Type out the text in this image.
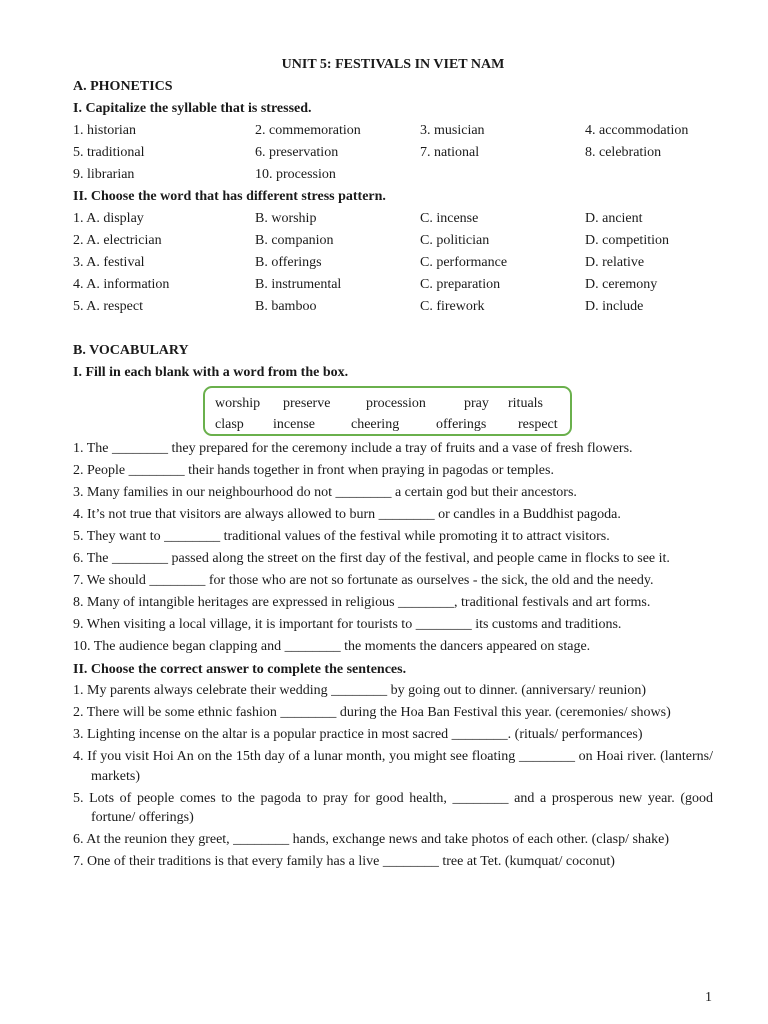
UNIT 5: FESTIVALS IN VIET NAM
A. PHONETICS
I. Capitalize the syllable that is stressed.
1. historian	2. commemoration	3. musician	4. accommodation
5. traditional	6. preservation	7. national	8. celebration
9. librarian	10. procession
II. Choose the word that has different stress pattern.
1. A. display	B. worship	C. incense	D. ancient
2. A. electrician	B. companion	C. politician	D. competition
3. A. festival	B. offerings	C. performance	D. relative
4. A. information	B. instrumental	C. preparation	D. ceremony
5. A. respect	B. bamboo	C. firework	D. include
B. VOCABULARY
I. Fill in each blank with a word from the box.
worship preserve	procession	pray rituals
clasp incense	cheering	offerings respect
1. The ________ they prepared for the ceremony include a tray of fruits and a vase of fresh flowers.
2. People ________ their hands together in front when praying in pagodas or temples.
3. Many families in our neighbourhood do not ________ a certain god but their ancestors.
4. It’s not true that visitors are always allowed to burn ________ or candles in a Buddhist pagoda.
5. They want to ________ traditional values of the festival while promoting it to attract visitors.
6. The ________ passed along the street on the first day of the festival, and people came in flocks to see it.
7. We should ________ for those who are not so fortunate as ourselves - the sick, the old and the needy.
8. Many of intangible heritages are expressed in religious ________, traditional festivals and art forms.
9. When visiting a local village, it is important for tourists to ________ its customs and traditions.
10. The audience began clapping and ________ the moments the dancers appeared on stage.
II. Choose the correct answer to complete the sentences.
1. My parents always celebrate their wedding ________ by going out to dinner. (anniversary/ reunion)
2. There will be some ethnic fashion ________ during the Hoa Ban Festival this year. (ceremonies/ shows)
3. Lighting incense on the altar is a popular practice in most sacred ________. (rituals/ performances)
4. If you visit Hoi An on the 15th day of a lunar month, you might see floating ________ on Hoai river. (lanterns/ markets)
5. Lots of people comes to the pagoda to pray for good health, ________ and a prosperous new year. (good fortune/ offerings)
6. At the reunion they greet, ________ hands, exchange news and take photos of each other. (clasp/ shake)
7. One of their traditions is that every family has a live ________ tree at Tet. (kumquat/ coconut)
1
